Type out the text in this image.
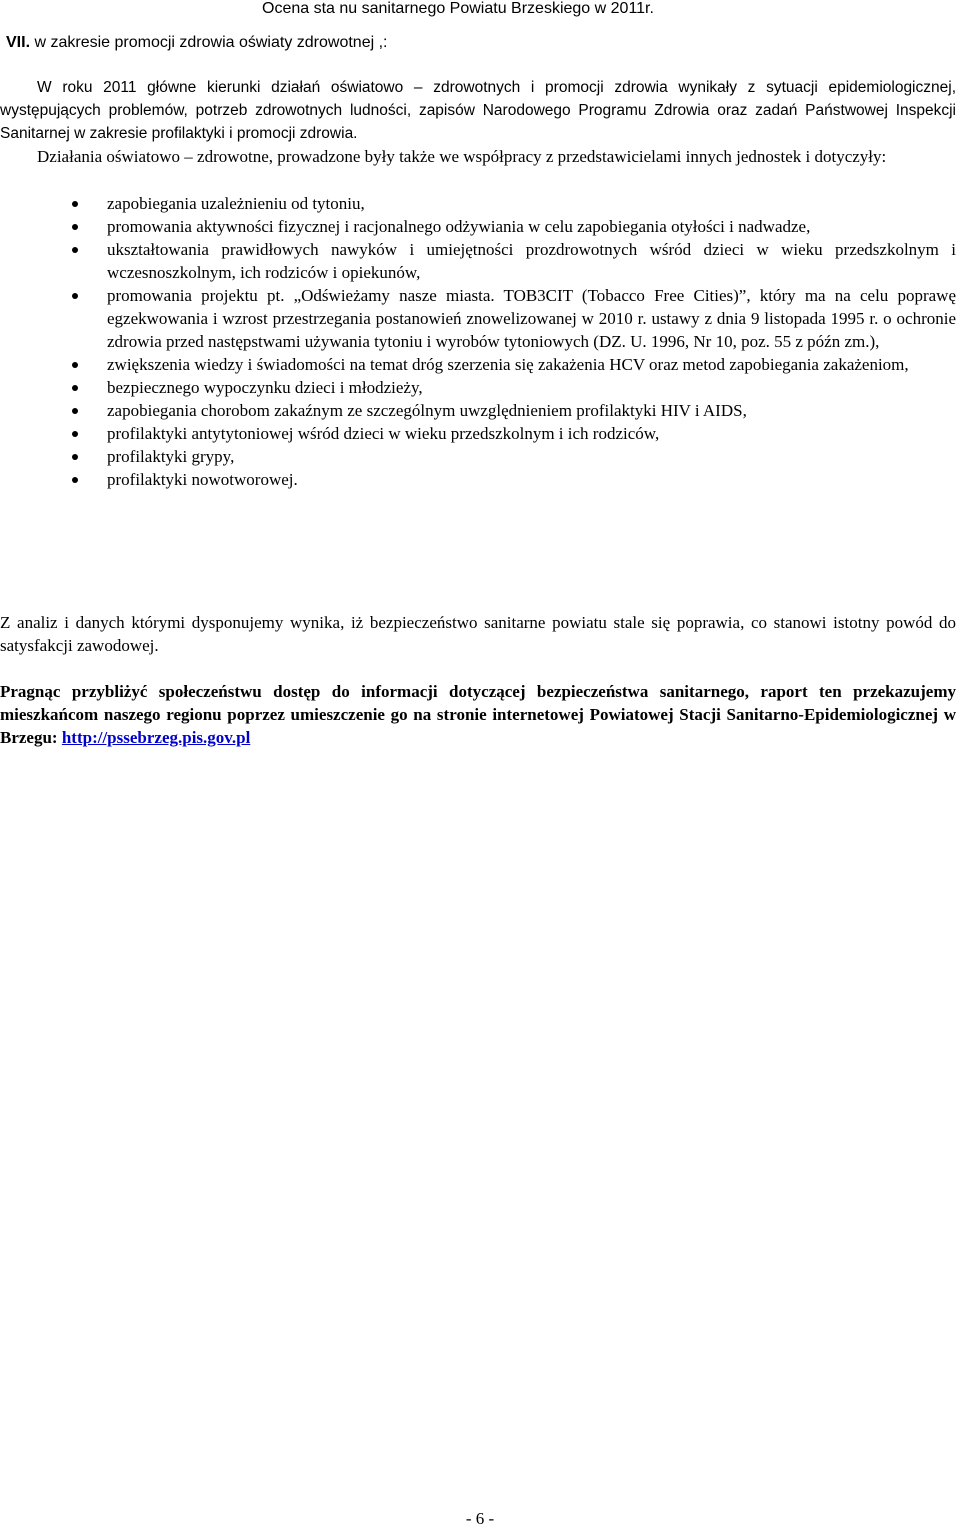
Ocena sta nu sanitarnego Powiatu Brzeskiego w 2011r.
VII. w zakresie promocji zdrowia oświaty zdrowotnej ,:

W roku 2011 główne kierunki działań oświatowo – zdrowotnych i promocji zdrowia wynikały z sytuacji epidemiologicznej, występujących problemów, potrzeb zdrowotnych ludności, zapisów Narodowego Programu Zdrowia oraz zadań Państwowej Inspekcji Sanitarnej w zakresie profilaktyki i promocji zdrowia.

Działania oświatowo – zdrowotne, prowadzone były także we współpracy z przedstawicielami innych jednostek i dotyczyły:

zapobiegania uzależnieniu od tytoniu,
promowania aktywności fizycznej i racjonalnego odżywiania w celu zapobiegania otyłości i nadwadze,
ukształtowania prawidłowych nawyków i umiejętności prozdrowotnych wśród dzieci w wieku przedszkolnym i wczesnoszkolnym, ich rodziców i opiekunów,
promowania projektu pt. „Odświeżamy nasze miasta. TOB3CIT (Tobacco Free Cities)”, który ma na celu poprawę egzekwowania i wzrost przestrzegania postanowień znowelizowanej w 2010 r. ustawy z dnia 9 listopada 1995 r. o ochronie zdrowia przed następstwami używania tytoniu i wyrobów tytoniowych (DZ. U. 1996, Nr 10, poz. 55 z późn zm.),
zwiększenia wiedzy i świadomości na temat dróg szerzenia się zakażenia HCV oraz metod zapobiegania zakażeniom,
bezpiecznego wypoczynku dzieci i młodzieży,
zapobiegania chorobom zakaźnym ze szczególnym uwzględnieniem profilaktyki HIV i AIDS,
profilaktyki antytytoniowej wśród dzieci w wieku przedszkolnym i ich rodziców,
profilaktyki grypy,
profilaktyki nowotworowej.

Z analiz i danych którymi dysponujemy wynika, iż bezpieczeństwo sanitarne powiatu stale się poprawia, co stanowi istotny powód do satysfakcji zawodowej.

Pragnąc przybliżyć społeczeństwu dostęp do informacji dotyczącej bezpieczeństwa sanitarnego, raport ten przekazujemy mieszkańcom naszego regionu poprzez umieszczenie go na stronie internetowej Powiatowej Stacji Sanitarno-Epidemiologicznej w Brzegu: http://pssebrzeg.pis.gov.pl

- 6 -
